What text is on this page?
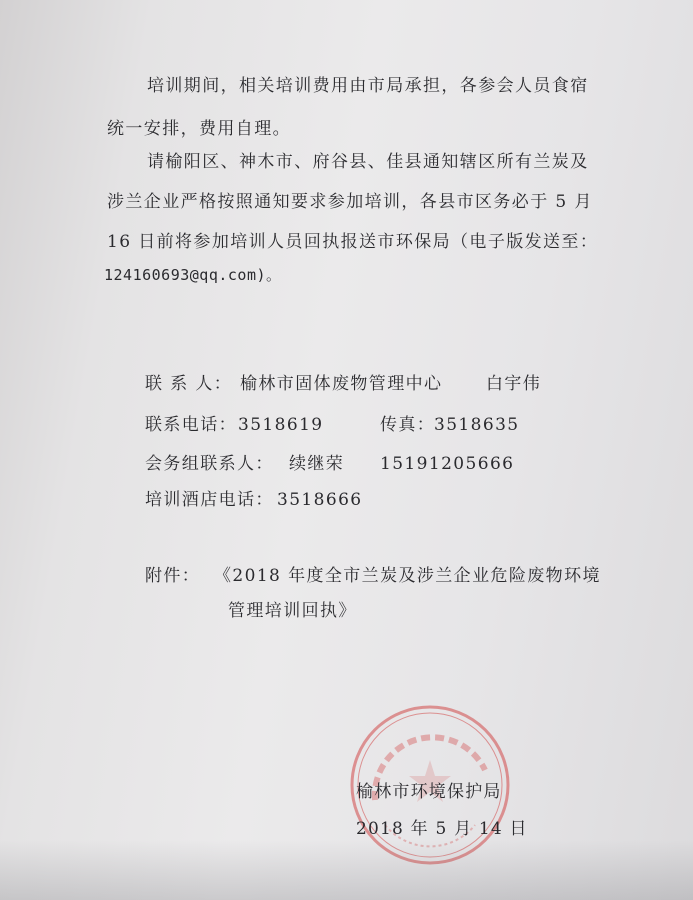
培训期间，相关培训费用由市局承担，各参会人员食宿
统一安排，费用自理。
请榆阳区、神木市、府谷县、佳县通知辖区所有兰炭及
涉兰企业严格按照通知要求参加培训，各县市区务必于 5 月
16 日前将参加培训人员回执报送市环保局（电子版发送至：
124160693@qq.com)。
联 系 人： 榆林市固体废物管理中心	白宇伟
联系电话： 3518619	传真：
3518635
会务组联系人： 续继荣 15191205666
培训酒店电话： 3518666
附件： 《2018 年度全市兰炭及涉兰企业危险废物环境
管理培训回执》
榆林市环境保护局
2018 年 5 月 14 日
